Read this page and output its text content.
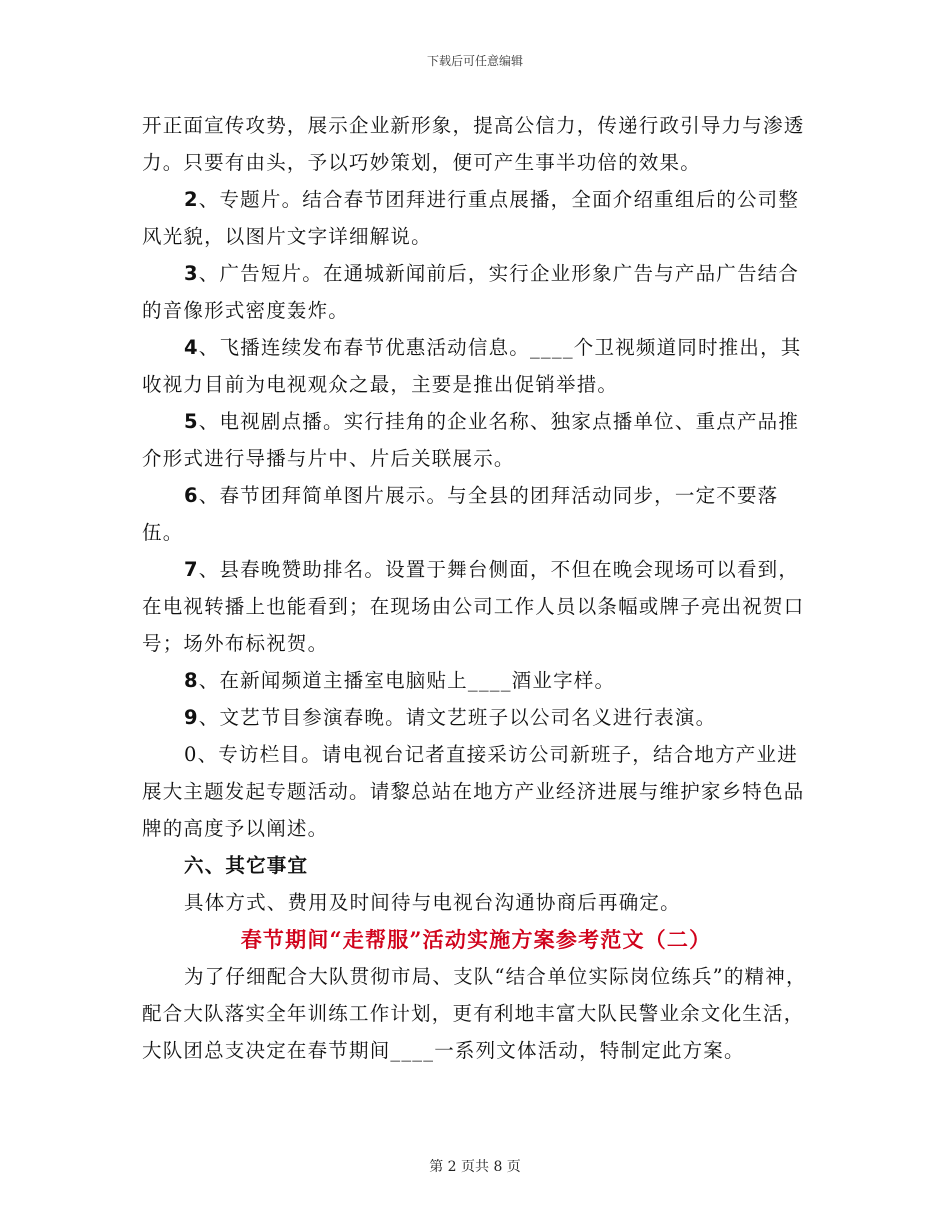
下载后可任意编辑

开正面宣传攻势，展示企业新形象，提高公信力，传递行政引导力与渗透力。只要有由头，予以巧妙策划，便可产生事半功倍的效果。

2、专题片。结合春节团拜进行重点展播，全面介绍重组后的公司整风光貌，以图片文字详细解说。

3、广告短片。在通城新闻前后，实行企业形象广告与产品广告结合的音像形式密度轰炸。

4、飞播连续发布春节优惠活动信息。____个卫视频道同时推出，其收视力目前为电视观众之最，主要是推出促销举措。

5、电视剧点播。实行挂角的企业名称、独家点播单位、重点产品推介形式进行导播与片中、片后关联展示。

6、春节团拜简单图片展示。与全县的团拜活动同步，一定不要落伍。

7、县春晚赞助排名。设置于舞台侧面，不但在晚会现场可以看到，在电视转播上也能看到；在现场由公司工作人员以条幅或牌子亮出祝贺口号；场外布标祝贺。

8、在新闻频道主播室电脑贴上____酒业字样。

9、文艺节目参演春晚。请文艺班子以公司名义进行表演。

0、专访栏目。请电视台记者直接采访公司新班子，结合地方产业进展大主题发起专题活动。请黎总站在地方产业经济进展与维护家乡特色品牌的高度予以阐述。

六、其它事宜

具体方式、费用及时间待与电视台沟通协商后再确定。

春节期间“走帮服”活动实施方案参考范文（二）

为了仔细配合大队贯彻市局、支队“结合单位实际岗位练兵”的精神，配合大队落实全年训练工作计划，更有利地丰富大队民警业余文化生活，大队团总支决定在春节期间____一系列文体活动，特制定此方案。

第 2 页共 8 页
